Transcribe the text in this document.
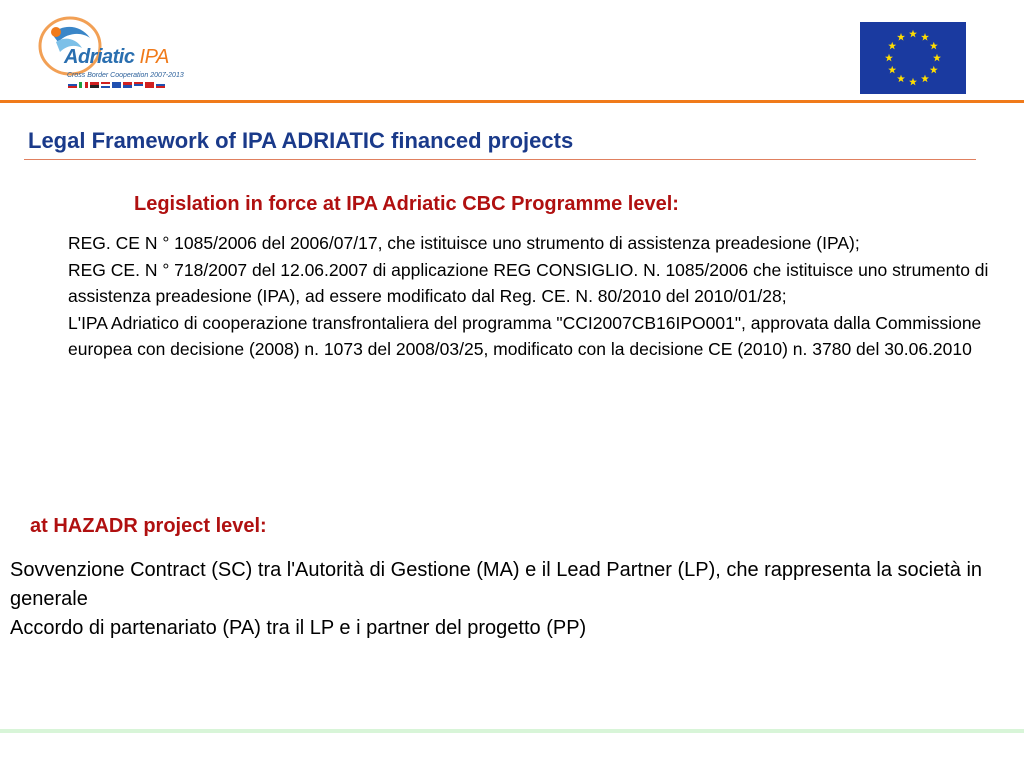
Adriatic IPA
Cross Border Cooperation 2007-2013
Legal Framework of IPA ADRIATIC financed projects
Legislation in force at IPA Adriatic CBC Programme level:

REG. CE N ° 1085/2006 del 2006/07/17, che istituisce uno strumento di assistenza preadesione (IPA);

REG CE. N ° 718/2007 del 12.06.2007 di applicazione REG CONSIGLIO. N. 1085/2006 che istituisce uno strumento di assistenza preadesione (IPA), ad essere modificato dal Reg. CE. N. 80/2010 del 2010/01/28;

L'IPA Adriatico di cooperazione transfrontaliera del programma "CCI2007CB16IPO001", approvata dalla Commissione europea con decisione (2008) n. 1073 del 2008/03/25, modificato con la decisione CE (2010) n. 3780 del 30.06.2010

at HAZADR project level:

Sovvenzione Contract (SC) tra l'Autorità di Gestione (MA) e il Lead Partner (LP), che rappresenta la società in generale

Accordo di partenariato (PA) tra il LP e i partner del progetto (PP)
